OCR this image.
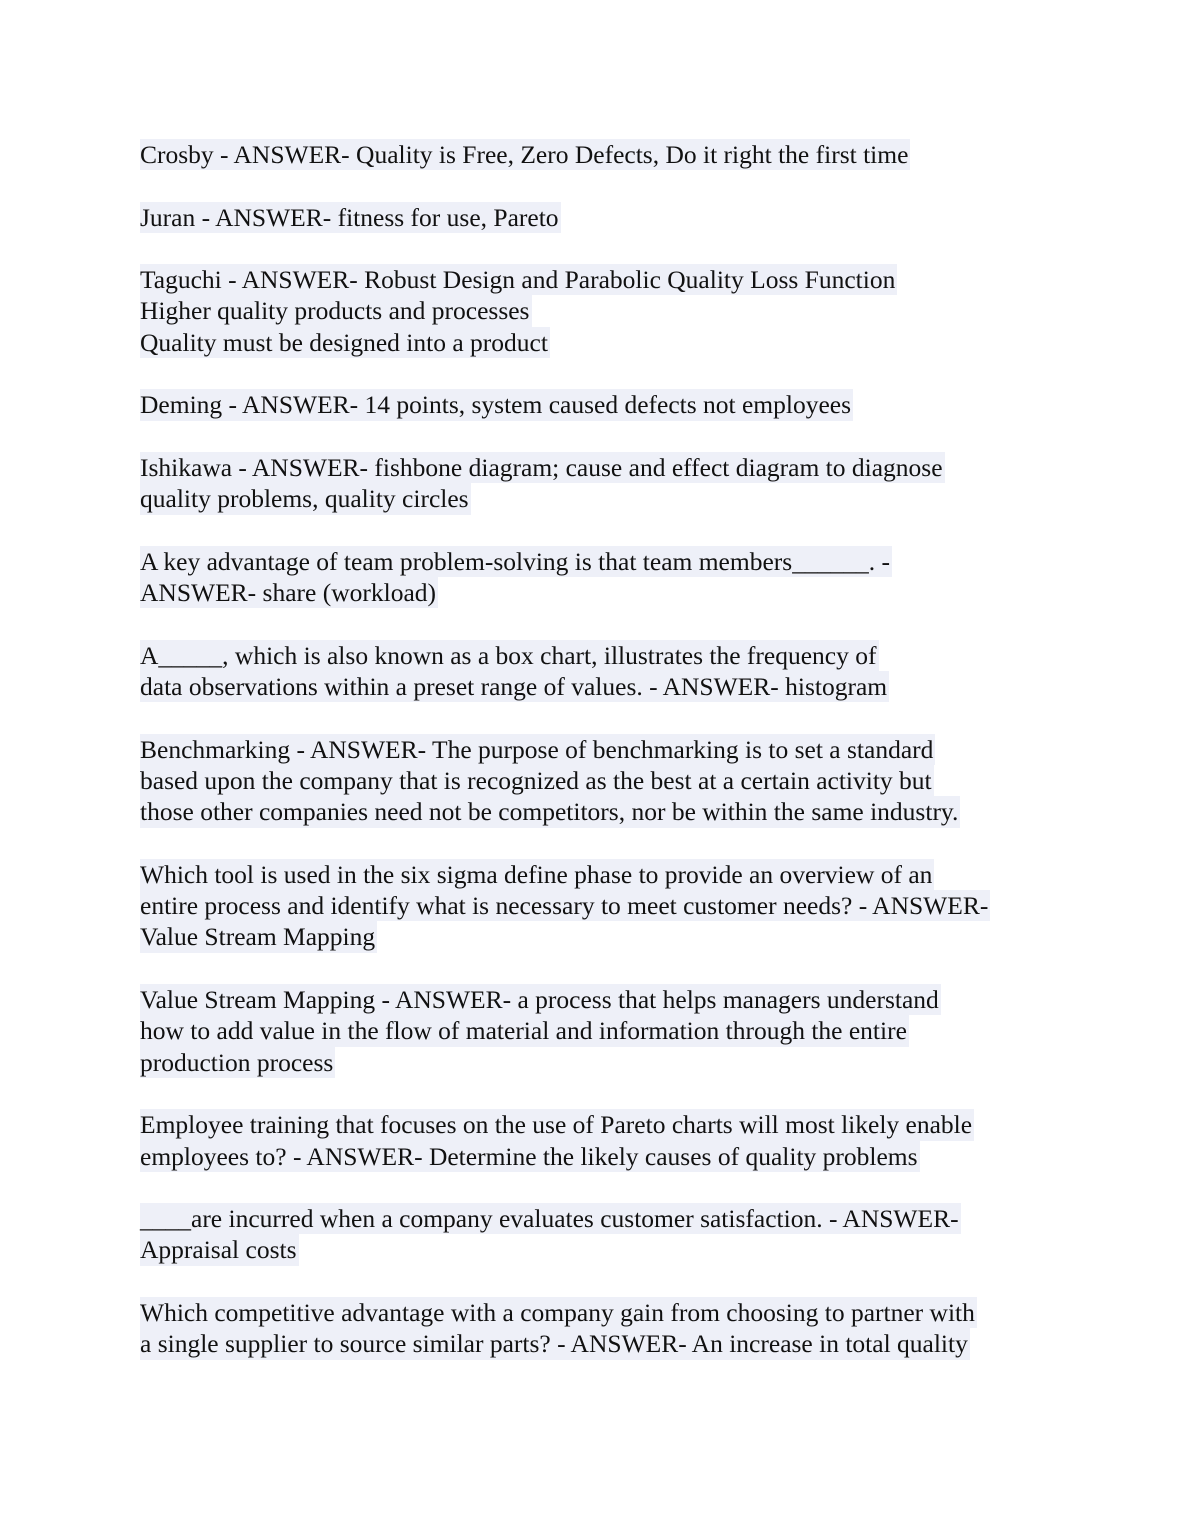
Crosby - ANSWER- Quality is Free, Zero Defects, Do it right the first time
Juran - ANSWER- fitness for use, Pareto
Taguchi - ANSWER- Robust Design and Parabolic Quality Loss Function
Higher quality products and processes
Quality must be designed into a product
Deming - ANSWER- 14 points, system caused defects not employees
Ishikawa - ANSWER- fishbone diagram; cause and effect diagram to diagnose
quality problems, quality circles
A key advantage of team problem-solving is that team members______. -
ANSWER- share (workload)
A_____, which is also known as a box chart, illustrates the frequency of
data observations within a preset range of values. - ANSWER- histogram
Benchmarking - ANSWER- The purpose of benchmarking is to set a standard
based upon the company that is recognized as the best at a certain activity but
those other companies need not be competitors, nor be within the same industry.
Which tool is used in the six sigma define phase to provide an overview of an
entire process and identify what is necessary to meet customer needs? - ANSWER-
Value Stream Mapping
Value Stream Mapping - ANSWER- a process that helps managers understand
how to add value in the flow of material and information through the entire
production process
Employee training that focuses on the use of Pareto charts will most likely enable
employees to? - ANSWER- Determine the likely causes of quality problems
____are incurred when a company evaluates customer satisfaction. - ANSWER-
Appraisal costs
Which competitive advantage with a company gain from choosing to partner with
a single supplier to source similar parts? - ANSWER- An increase in total quality
